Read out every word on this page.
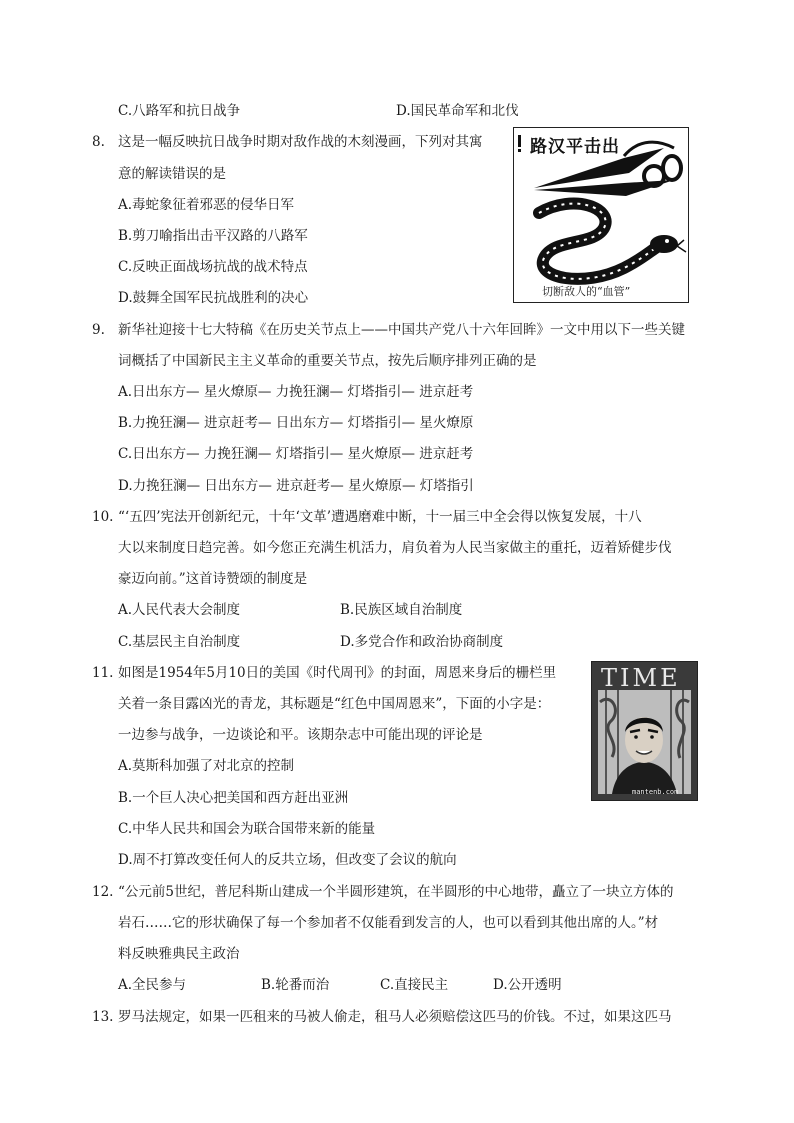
C.八路军和抗日战争	D.国民革命军和北伐
8. 这是一幅反映抗日战争时期对敌作战的木刻漫画，下列对其寓
意的解读错误的是
A.毒蛇象征着邪恶的侵华日军
B.剪刀喻指出击平汉路的八路军
C.反映正面战场抗战的战术特点
D.鼓舞全国军民抗战胜利的决心
路汉平击出
切断敌人的“血管”
9. 新华社迎接十七大特稿《在历史关节点上——中国共产党八十六年回眸》一文中用以下一些关键
词概括了中国新民主主义革命的重要关节点，按先后顺序排列正确的是
A.日出东方— 星火燎原— 力挽狂澜— 灯塔指引— 进京赶考
B.力挽狂澜— 进京赶考— 日出东方— 灯塔指引— 星火燎原
C.日出东方— 力挽狂澜— 灯塔指引— 星火燎原— 进京赶考
D.力挽狂澜— 日出东方— 进京赶考— 星火燎原— 灯塔指引
10. “‘五四’宪法开创新纪元，十年‘文革’遭遇磨难中断，十一届三中全会得以恢复发展，十八
大以来制度日趋完善。如今您正充满生机活力，肩负着为人民当家做主的重托，迈着矫健步伐
豪迈向前。”这首诗赞颂的制度是
A.人民代表大会制度	B.民族区域自治制度
C.基层民主自治制度	D.多党合作和政治协商制度
11. 如图是1954年5月10日的美国《时代周刊》的封面，周恩来身后的栅栏里
关着一条目露凶光的青龙，其标题是“红色中国周恩来”，下面的小字是：
一边参与战争，一边谈论和平。该期杂志中可能出现的评论是
A.莫斯科加强了对北京的控制
B.一个巨人决心把美国和西方赶出亚洲
C.中华人民共和国会为联合国带来新的能量
D.周不打算改变任何人的反共立场，但改变了会议的航向
TIME
mantenb.com
12. “公元前5世纪，普尼科斯山建成一个半圆形建筑，在半圆形的中心地带，矗立了一块立方体的
岩石……它的形状确保了每一个参加者不仅能看到发言的人，也可以看到其他出席的人。”材
料反映雅典民主政治
A.全民参与	B.轮番而治	C.直接民主	D.公开透明
13. 罗马法规定，如果一匹租来的马被人偷走，租马人必须赔偿这匹马的价钱。不过，如果这匹马
